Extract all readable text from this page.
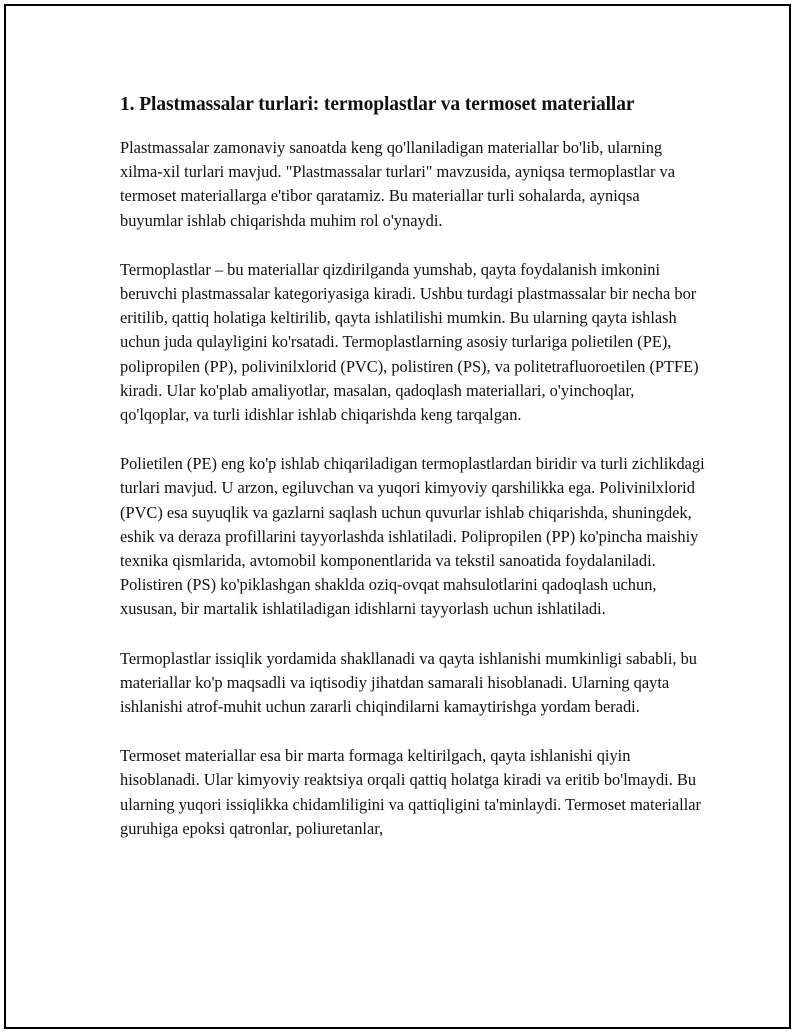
1. Plastmassalar turlari: termoplastlar va termoset materiallar

Plastmassalar zamonaviy sanoatda keng qo'llaniladigan materiallar bo'lib, ularning xilma-xil turlari mavjud. "Plastmassalar turlari" mavzusida, ayniqsa termoplastlar va termoset materiallarga e'tibor qaratamiz. Bu materiallar turli sohalarda, ayniqsa buyumlar ishlab chiqarishda muhim rol o'ynaydi.

Termoplastlar – bu materiallar qizdirilganda yumshab, qayta foydalanish imkonini beruvchi plastmassalar kategoriyasiga kiradi. Ushbu turdagi plastmassalar bir necha bor eritilib, qattiq holatiga keltirilib, qayta ishlatilishi mumkin. Bu ularning qayta ishlash uchun juda qulayligini ko'rsatadi. Termoplastlarning asosiy turlariga polietilen (PE), polipropilen (PP), polivinilxlorid (PVC), polistiren (PS), va politetrafluoroetilen (PTFE) kiradi. Ular ko'plab amaliyotlar, masalan, qadoqlash materiallari, o'yinchoqlar, qo'lqoplar, va turli idishlar ishlab chiqarishda keng tarqalgan.

Polietilen (PE) eng ko'p ishlab chiqariladigan termoplastlardan biridir va turli zichlikdagi turlari mavjud. U arzon, egiluvchan va yuqori kimyoviy qarshilikka ega. Polivinilxlorid (PVC) esa suyuqlik va gazlarni saqlash uchun quvurlar ishlab chiqarishda, shuningdek, eshik va deraza profillarini tayyorlashda ishlatiladi. Polipropilen (PP) ko'pincha maishiy texnika qismlarida, avtomobil komponentlarida va tekstil sanoatida foydalaniladi. Polistiren (PS) ko'piklashgan shaklda oziq-ovqat mahsulotlarini qadoqlash uchun, xususan, bir martalik ishlatiladigan idishlarni tayyorlash uchun ishlatiladi.

Termoplastlar issiqlik yordamida shakllanadi va qayta ishlanishi mumkinligi sababli, bu materiallar ko'p maqsadli va iqtisodiy jihatdan samarali hisoblanadi. Ularning qayta ishlanishi atrof-muhit uchun zararli chiqindilarni kamaytirishga yordam beradi.

Termoset materiallar esa bir marta formaga keltirilgach, qayta ishlanishi qiyin hisoblanadi. Ular kimyoviy reaktsiya orqali qattiq holatga kiradi va eritib bo'lmaydi. Bu ularning yuqori issiqlikka chidamliligini va qattiqligini ta'minlaydi. Termoset materiallar guruhiga epoksi qatronlar, poliuretanlar,
